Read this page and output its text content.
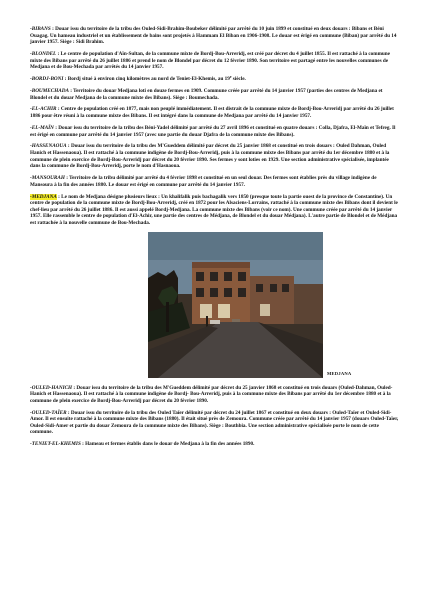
-BIBANS : Douar issu du territoire de la tribu des Ouled-Sidi-Brahim-Boubeker délimité par arrêté du 10 juin 1899 et constitué en deux douars : Bibans et Béni Ouagag. Un hameau industriel et un établissement de bains sont projetés à Hammam El Biban en 1906-1908. Le douar est érigé en commune (Biban) par arrêté du 14 janvier 1957. Siège : Sidi Brahim.

-BLONDEL : Le centre de population d'Aïn-Sultan, de la commune mixte de Bordj-Bou-Arreridj, est créé par décret du 4 juillet 1855. Il est rattaché à la commune mixte des Bibans par arrêté du 26 juillet 1886 et prend le nom de Blondel par décret du 12 février 1890. Son territoire est partagé entre les nouvelles communes de Medjana et de Bou-Mechada par arrêtés du 14 janvier 1957.

-BORDJ-BONI : Bordj situé à environ cinq kilomètres au nord de Teniet-El-Khemis, au 19e siècle.

-BOUMECHADA : Territoire du douar Medjana loti en douze fermes en 1909. Commune créée par arrêté du 14 janvier 1957 (parties des centres de Medjana et Blondel et du douar Medjana de la commune mixte des Bibans). Siège : Boumechada.

-EL-ACHIR : Centre de population créé en 1877, mais non peuplé immédiatement. Il est distrait de la commune mixte de Bordj-Bou-Arreridj par arrêté du 26 juillet 1886 pour être réuni à la commune mixte des Bibans. Il est intégré dans la commune de Medjana par arrêté du 14 janvier 1957.

-EL-MAÏN : Douar issu du territoire de la tribu des Béni-Yadel délimité par arrêté du 27 avril 1896 et constitué en quatre douars : Colla, Djafra, El-Maïn et Tefreg. Il est érigé en commune par arrêté du 14 janvier 1957 (avec une partie du douar Djafra de la commune mixte des Bibans).

-HASSENAOUA : Douar issu du territoire de la tribu des M'Gueddem délimité par décret du 25 janvier 1868 et constitué en trois douars : Ouled Dahman, Ouled Hanich et Hassenaoua). Il est rattaché à la commune indigène de Bordj-Bou-Arreridj, puis à la commune mixte des Bibans par arrêté du 1er décembre 1880 et à la commune de plein exercice de Bordj-Bou-Arreridj par décret du 20 février 1890. Ses fermes y sont loties en 1929. Une section administrative spécialisée, implantée dans la commune de Bordj-Bou-Arreridj, porte le nom d'Hasnaoua.

-MANSOURAH : Territoire de la tribu délimité par arrêté du 4 février 1898 et constitué en un seul douar. Des fermes sont établies près du village indigène de Mansoura à la fin des années 1880. Le douar est érigé en commune par arrêté du 14 janvier 1957.

-MEDJANA : Le nom de Medjana désigne plusieurs lieux : Un khalifalik puis bachagalik vers 1850 (presque toute la partie ouest de la province de Constantine). Un centre de population de la commune mixte de Bordj-Bou-Arreridj, créé en 1872 pour les Alsaciens-Lorrains, rattaché à la commune mixte des Bibans dont il devient le chef-lieu par arrêté du 26 juillet 1886. Il est aussi appelé Bordj-Medjana. La commune mixte des Bibans (voir ce nom). Une commune créée par arrêté du 14 janvier 1957. Elle rassemble le centre de population d'El-Achir, une partie des centres de Médjana, de Blondel et du douar Médjana). L'autre partie de Blondel et de Médjana est rattachée à la nouvelle commune de Bou-Mechada.

MEDJANA

-OULED-HANICH : Douar issu du territoire de la tribu des M'Gueddem délimité par décret du 25 janvier 1868 et constitué en trois douars (Ouled-Dahman, Ouled-Hanich et Hassenaoua). Il est rattaché à la commune indigène de Bordj- Bou-Arreridj, puis à la commune mixte des Bibans par arrêté du 1er décembre 1880 et à la commune de plein exercice de Bordj-Bou-Arreridj par décret du 20 février 1890.

-OULED-TAÏER : Douar issu du territoire de la tribu des Ouled Taïer délimité par décret du 24 juillet 1867 et constitué en deux douars : Ouled-Taïer et Ouled-Sidi-Amor. Il est ensuite rattaché à la commune mixte des Bibans (1880). Il était situé près de Zemoura. Commune créée par arrêté du 14 janvier 1957 (douars Ouled-Taïer, Ouled-Sidi-Amer et partie du douar Zemoura de la commune mixte des Bibans). Siège : Bouthbia. Une section administrative spécialisée porte le nom de cette commune.

-TENIET-EL-KHEMIS : Hameau et fermes établis dans le douar de Medjana à la fin des années 1890.
